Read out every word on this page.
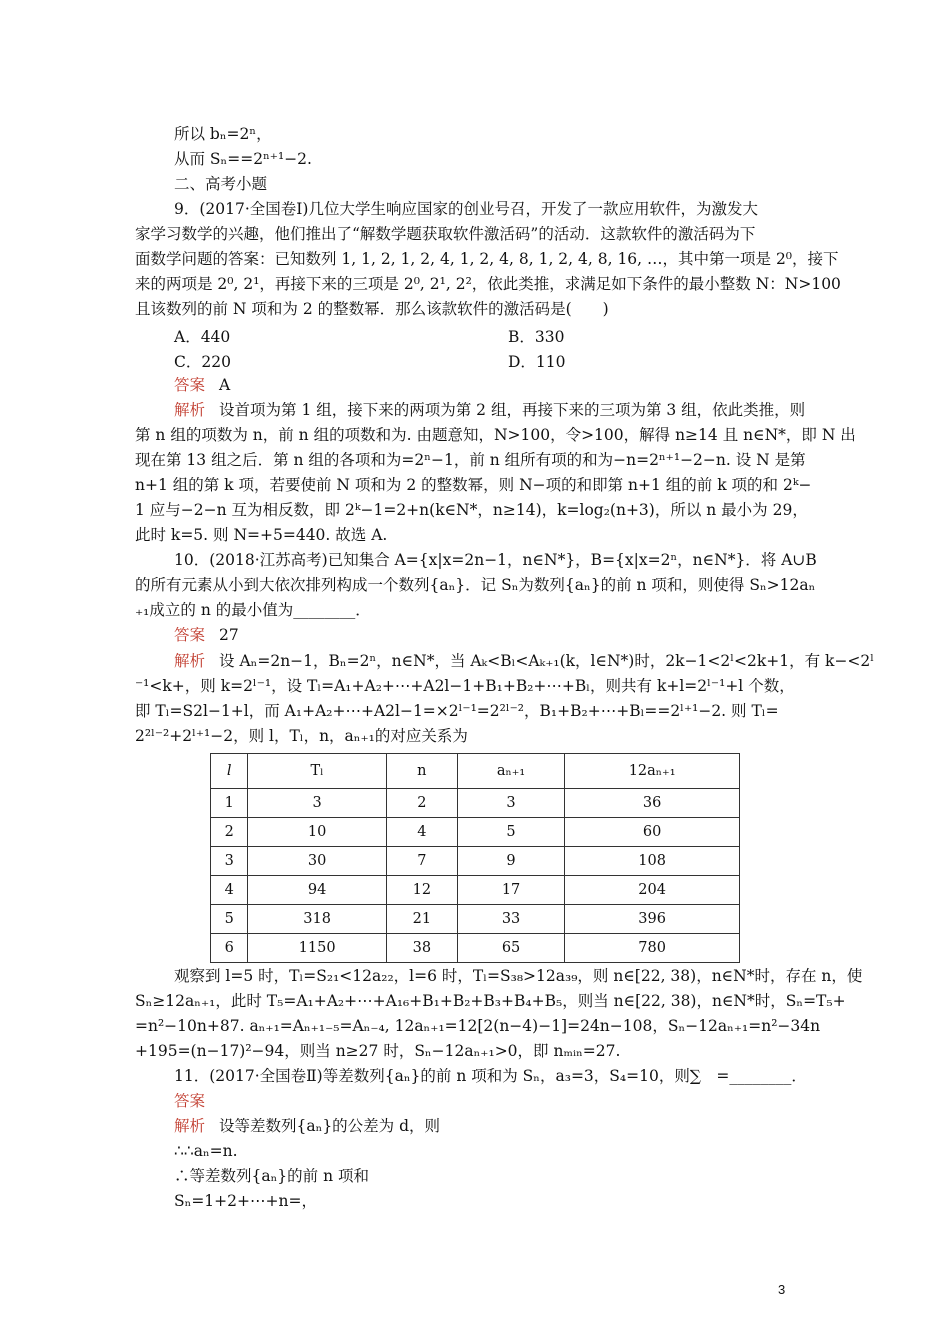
所以 bₙ=2ⁿ，
从而 Sₙ==2ⁿ⁺¹−2.
二、高考小题
9．(2017·全国卷Ⅰ)几位大学生响应国家的创业号召，开发了一款应用软件，为激发大
家学习数学的兴趣，他们推出了“解数学题获取软件激活码”的活动．这款软件的激活码为下
面数学问题的答案：已知数列 1, 1, 2, 1, 2, 4, 1, 2, 4, 8, 1, 2, 4, 8, 16, …，其中第一项是 2⁰，接下
来的两项是 2⁰, 2¹，再接下来的三项是 2⁰, 2¹, 2²，依此类推，求满足如下条件的最小整数 N：N>100
且该数列的前 N 项和为 2 的整数幂．那么该款软件的激活码是(　　)
A．440	B．330
C．220	D．110
答案 A
解析 设首项为第 1 组，接下来的两项为第 2 组，再接下来的三项为第 3 组，依此类推，则
第 n 组的项数为 n，前 n 组的项数和为. 由题意知，N>100，令>100，解得 n≥14 且 n∈N*，即 N 出
现在第 13 组之后．第 n 组的各项和为=2ⁿ−1，前 n 组所有项的和为−n=2ⁿ⁺¹−2−n. 设 N 是第
n+1 组的第 k 项，若要使前 N 项和为 2 的整数幂，则 N−项的和即第 n+1 组的前 k 项的和 2ᵏ−
1 应与−2−n 互为相反数，即 2ᵏ−1=2+n(k∈N*，n≥14)，k=log₂(n+3)，所以 n 最小为 29，
此时 k=5. 则 N=+5=440. 故选 A.
10．(2018·江苏高考)已知集合 A={x|x=2n−1，n∈N*}，B={x|x=2ⁿ，n∈N*}．将 A∪B
的所有元素从小到大依次排列构成一个数列{aₙ}．记 Sₙ为数列{aₙ}的前 n 项和，则使得 Sₙ>12aₙ
₊₁成立的 n 的最小值为________．
答案 27
解析 设 Aₙ=2n−1，Bₙ=2ⁿ，n∈N*，当 Aₖ<Bₗ<Aₖ₊₁(k，l∈N*)时，2k−1<2ˡ<2k+1，有 k−<2ˡ
⁻¹<k+，则 k=2ˡ⁻¹，设 Tₗ=A₁+A₂+⋯+A2l−1+B₁+B₂+⋯+Bₗ，则共有 k+l=2ˡ⁻¹+l 个数，
即 Tₗ=S2l−1+l，而 A₁+A₂+⋯+A2l−1=×2ˡ⁻¹=2²ˡ⁻²，B₁+B₂+⋯+Bₗ==2ˡ⁺¹−2. 则 Tₗ=
2²ˡ⁻²+2ˡ⁺¹−2，则 l，Tₗ，n，aₙ₊₁的对应关系为
l	Tₗ	n	aₙ₊₁	12aₙ₊₁
1	3	2	3	36
2	10	4	5	60
3	30	7	9	108
4	94	12	17	204
5	318	21	33	396
6	1150	38	65	780
观察到 l=5 时，Tₗ=S₂₁<12a₂₂，l=6 时，Tₗ=S₃₈>12a₃₉，则 n∈[22, 38)，n∈N*时，存在 n，使
Sₙ≥12aₙ₊₁，此时 T₅=A₁+A₂+⋯+A₁₆+B₁+B₂+B₃+B₄+B₅，则当 n∈[22, 38)，n∈N*时，Sₙ=T₅+
=n²−10n+87. aₙ₊₁=Aₙ₊₁₋₅=Aₙ₋₄, 12aₙ₊₁=12[2(n−4)−1]=24n−108，Sₙ−12aₙ₊₁=n²−34n
+195=(n−17)²−94，则当 n≥27 时，Sₙ−12aₙ₊₁>0，即 nₘᵢₙ=27.
11．(2017·全国卷Ⅱ)等差数列{aₙ}的前 n 项和为 Sₙ，a₃=3，S₄=10，则∑　=________．
答案
解析 设等差数列{aₙ}的公差为 d，则
∴∴aₙ=n.
∴等差数列{aₙ}的前 n 项和
Sₙ=1+2+⋯+n=，
3
